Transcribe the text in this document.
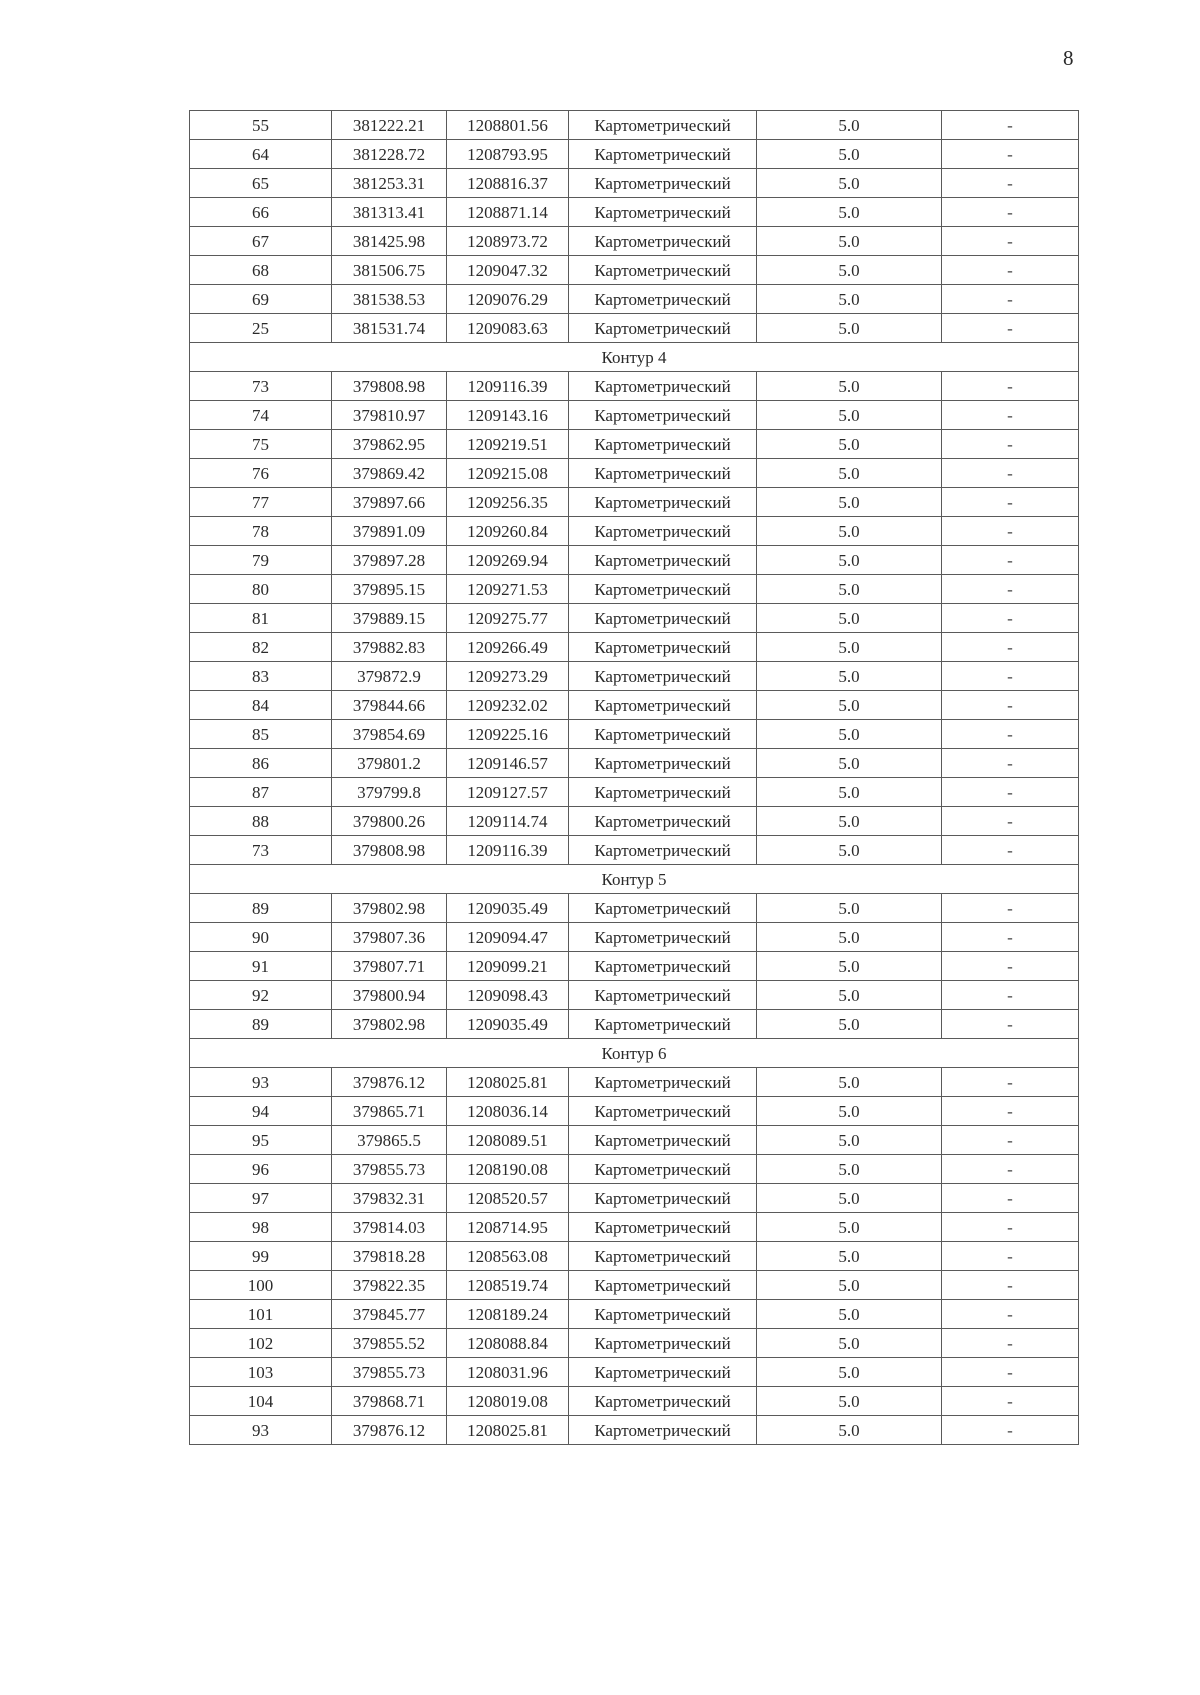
8
55	381222.21	1208801.56	Картометрический	5.0	-
64	381228.72	1208793.95	Картометрический	5.0	-
65	381253.31	1208816.37	Картометрический	5.0	-
66	381313.41	1208871.14	Картометрический	5.0	-
67	381425.98	1208973.72	Картометрический	5.0	-
68	381506.75	1209047.32	Картометрический	5.0	-
69	381538.53	1209076.29	Картометрический	5.0	-
25	381531.74	1209083.63	Картометрический	5.0	-
Контур 4					
73	379808.98	1209116.39	Картометрический	5.0	-
74	379810.97	1209143.16	Картометрический	5.0	-
75	379862.95	1209219.51	Картометрический	5.0	-
76	379869.42	1209215.08	Картометрический	5.0	-
77	379897.66	1209256.35	Картометрический	5.0	-
78	379891.09	1209260.84	Картометрический	5.0	-
79	379897.28	1209269.94	Картометрический	5.0	-
80	379895.15	1209271.53	Картометрический	5.0	-
81	379889.15	1209275.77	Картометрический	5.0	-
82	379882.83	1209266.49	Картометрический	5.0	-
83	379872.9	1209273.29	Картометрический	5.0	-
84	379844.66	1209232.02	Картометрический	5.0	-
85	379854.69	1209225.16	Картометрический	5.0	-
86	379801.2	1209146.57	Картометрический	5.0	-
87	379799.8	1209127.57	Картометрический	5.0	-
88	379800.26	1209114.74	Картометрический	5.0	-
73	379808.98	1209116.39	Картометрический	5.0	-
Контур 5					
89	379802.98	1209035.49	Картометрический	5.0	-
90	379807.36	1209094.47	Картометрический	5.0	-
91	379807.71	1209099.21	Картометрический	5.0	-
92	379800.94	1209098.43	Картометрический	5.0	-
89	379802.98	1209035.49	Картометрический	5.0	-
Контур 6					
93	379876.12	1208025.81	Картометрический	5.0	-
94	379865.71	1208036.14	Картометрический	5.0	-
95	379865.5	1208089.51	Картометрический	5.0	-
96	379855.73	1208190.08	Картометрический	5.0	-
97	379832.31	1208520.57	Картометрический	5.0	-
98	379814.03	1208714.95	Картометрический	5.0	-
99	379818.28	1208563.08	Картометрический	5.0	-
100	379822.35	1208519.74	Картометрический	5.0	-
101	379845.77	1208189.24	Картометрический	5.0	-
102	379855.52	1208088.84	Картометрический	5.0	-
103	379855.73	1208031.96	Картометрический	5.0	-
104	379868.71	1208019.08	Картометрический	5.0	-
93	379876.12	1208025.81	Картометрический	5.0	-
